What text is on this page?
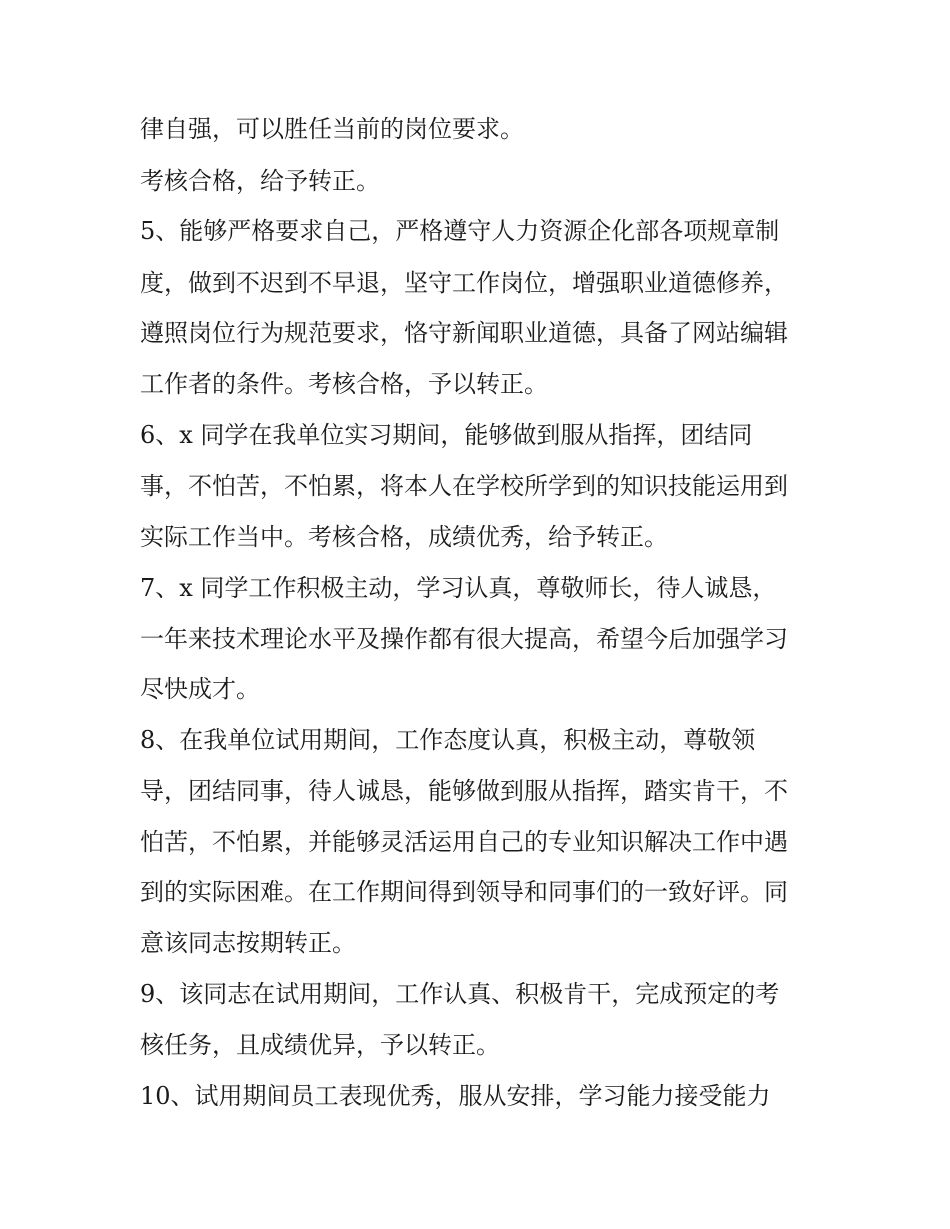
律自强，可以胜任当前的岗位要求。
考核合格，给予转正。
5、能够严格要求自己，严格遵守人力资源企化部各项规章制
度，做到不迟到不早退，坚守工作岗位，增强职业道德修养，
遵照岗位行为规范要求，恪守新闻职业道德，具备了网站编辑
工作者的条件。考核合格，予以转正。
6、x 同学在我单位实习期间，能够做到服从指挥，团结同
事，不怕苦，不怕累，将本人在学校所学到的知识技能运用到
实际工作当中。考核合格，成绩优秀，给予转正。
7、x 同学工作积极主动，学习认真，尊敬师长，待人诚恳，
一年来技术理论水平及操作都有很大提高，希望今后加强学习
尽快成才。
8、在我单位试用期间，工作态度认真，积极主动，尊敬领
导，团结同事，待人诚恳，能够做到服从指挥，踏实肯干，不
怕苦，不怕累，并能够灵活运用自己的专业知识解决工作中遇
到的实际困难。在工作期间得到领导和同事们的一致好评。同
意该同志按期转正。
9、该同志在试用期间，工作认真、积极肯干，完成预定的考
核任务，且成绩优异，予以转正。
10、试用期间员工表现优秀，服从安排，学习能力接受能力
